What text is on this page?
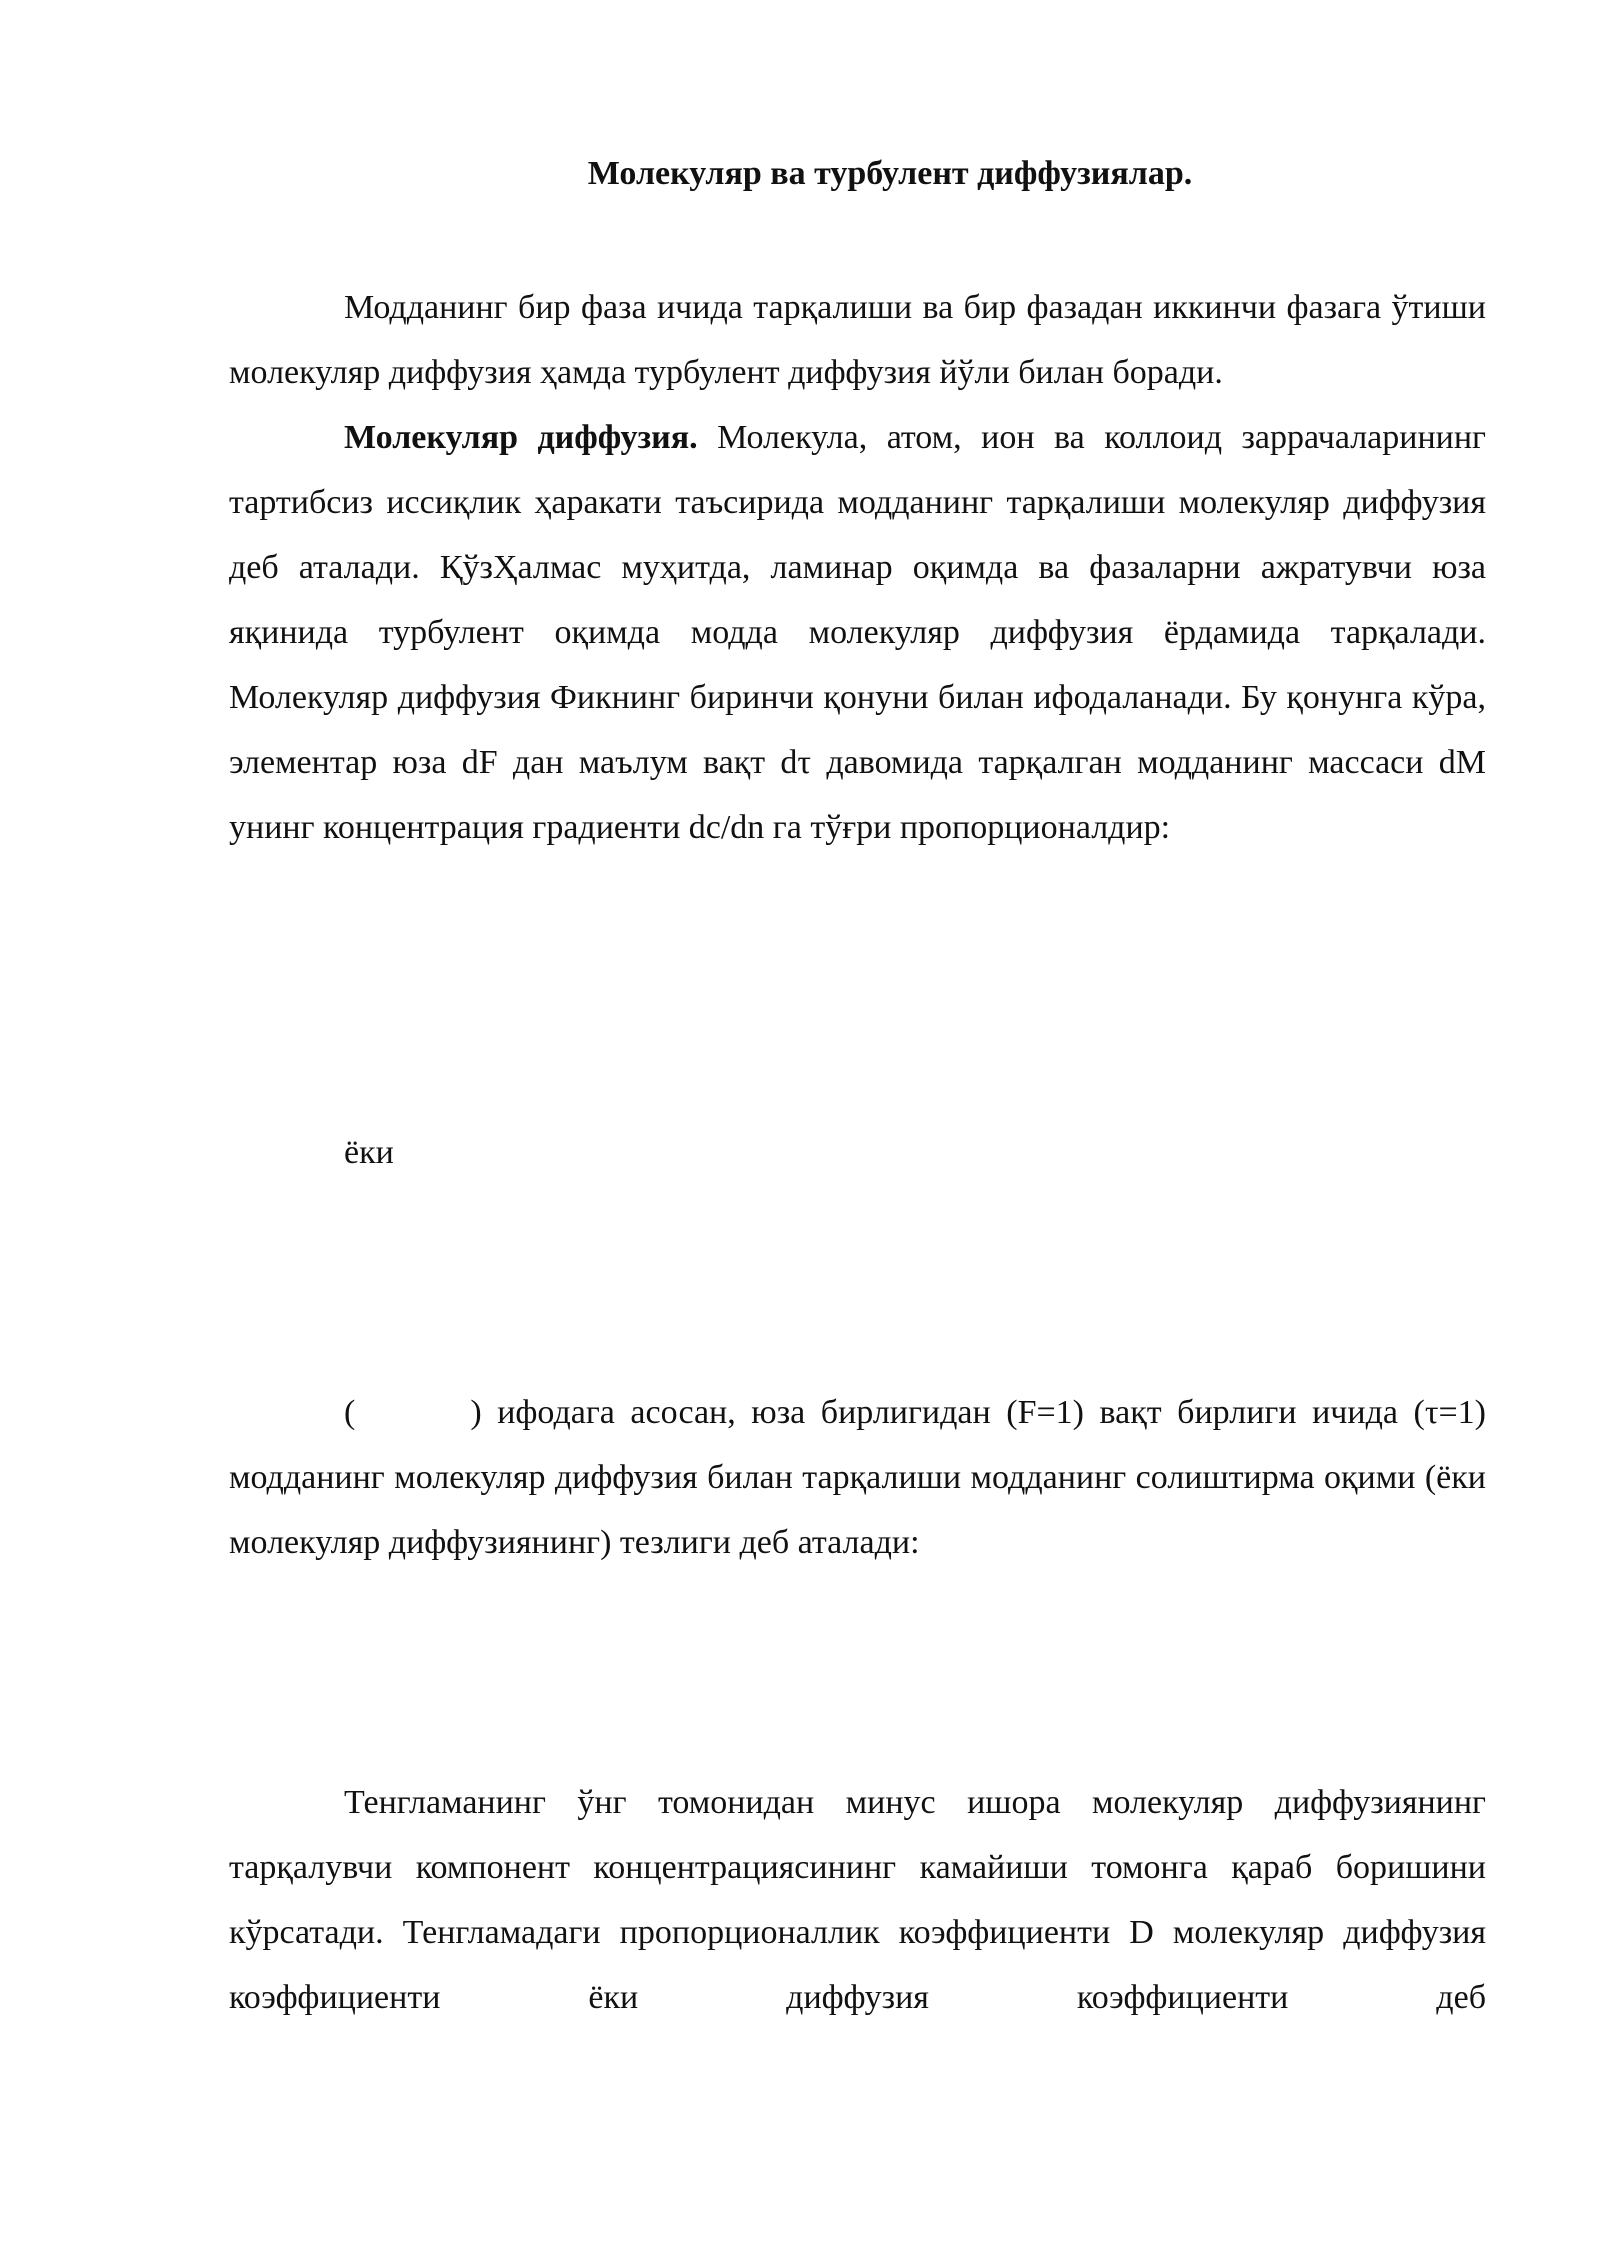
Молекуляр ва турбулент диффузиялар.

Модданинг бир фаза ичида тарқалиши ва бир фазадан иккинчи фазага ўтиши молекуляр диффузия ҳамда турбулент диффузия йўли билан боради.

Молекуляр диффузия. Молекула, атом, ион ва коллоид заррачаларининг тартибсиз иссиқлик ҳаракати таъсирида модданинг тарқалиши молекуляр диффузия деб аталади. ҚўзҲалмас муҳитда, ламинар оқимда ва фазаларни ажратувчи юза яқинида турбулент оқимда модда молекуляр диффузия ёрдамида тарқалади. Молекуляр диффузия Фикнинг биринчи қонуни билан ифодаланади. Бу қонунга кўра, элементар юза dF дан маълум вақт dτ давомида тарқалган модданинг массаси dM унинг концентрация градиенти dc/dn га тўғри пропорционалдир:

ёки

(	) ифодага асосан, юза бирлигидан (F=1) вақт бирлиги ичида (τ=1) модданинг молекуляр диффузия билан тарқалиши модданинг солиштирма оқими (ёки молекуляр диффузиянинг) тезлиги деб аталади:

Тенгламанинг ўнг томонидан минус ишора молекуляр диффузиянинг тарқалувчи компонент концентрациясининг камайиши томонга қараб боришини кўрсатади. Тенгламадаги пропорционаллик коэффициенти D молекуляр диффузия коэффициенти ёки диффузия коэффициенти деб
